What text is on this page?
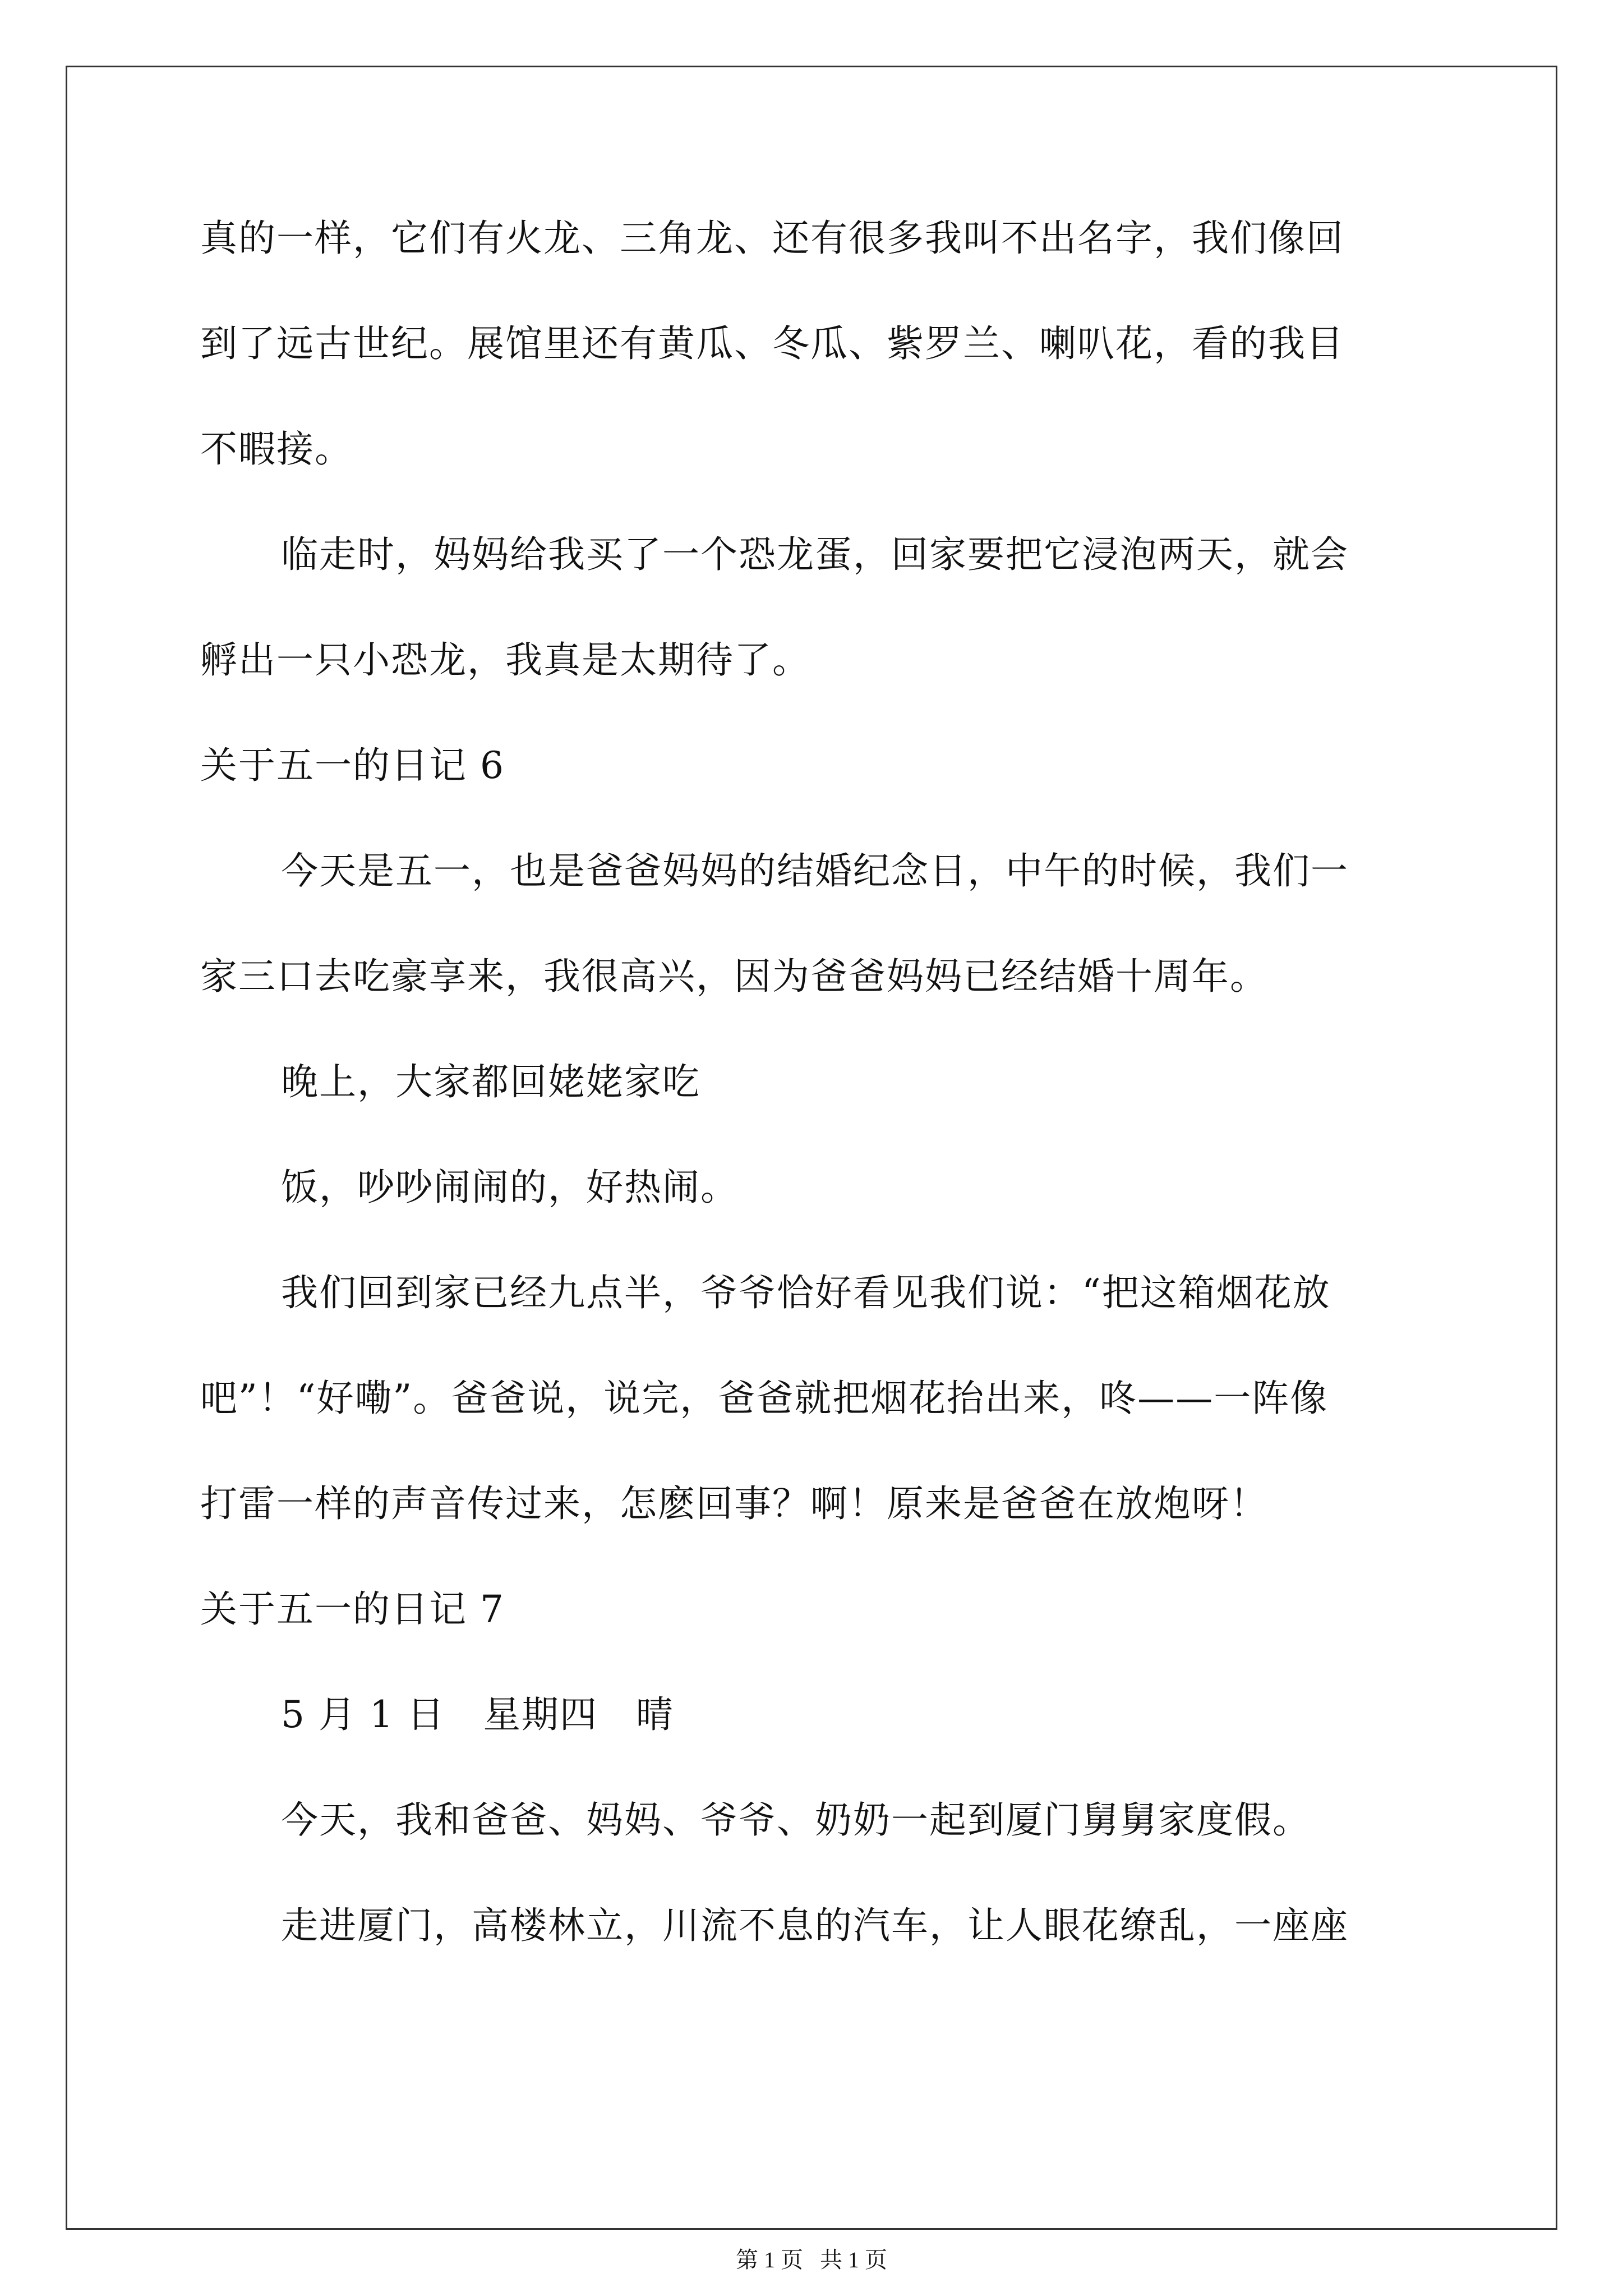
真的一样，它们有火龙、三角龙、还有很多我叫不出名字，我们像回
到了远古世纪。展馆里还有黄瓜、冬瓜、紫罗兰、喇叭花，看的我目
不暇接。
临走时，妈妈给我买了一个恐龙蛋，回家要把它浸泡两天，就会
孵出一只小恐龙，我真是太期待了。
关于五一的日记 6
今天是五一，也是爸爸妈妈的结婚纪念日，中午的时候，我们一
家三口去吃豪享来，我很高兴，因为爸爸妈妈已经结婚十周年。
晚上，大家都回姥姥家吃
饭，吵吵闹闹的，好热闹。
我们回到家已经九点半，爷爷恰好看见我们说：“把这箱烟花放
吧”！“好嘞”。爸爸说，说完，爸爸就把烟花抬出来，咚——一阵像
打雷一样的声音传过来，怎麽回事？啊！原来是爸爸在放炮呀！
关于五一的日记 7
5 月 1 日　星期四　晴
今天，我和爸爸、妈妈、爷爷、奶奶一起到厦门舅舅家度假。
走进厦门，高楼林立，川流不息的汽车，让人眼花缭乱，一座座
第 1 页 共 1 页
